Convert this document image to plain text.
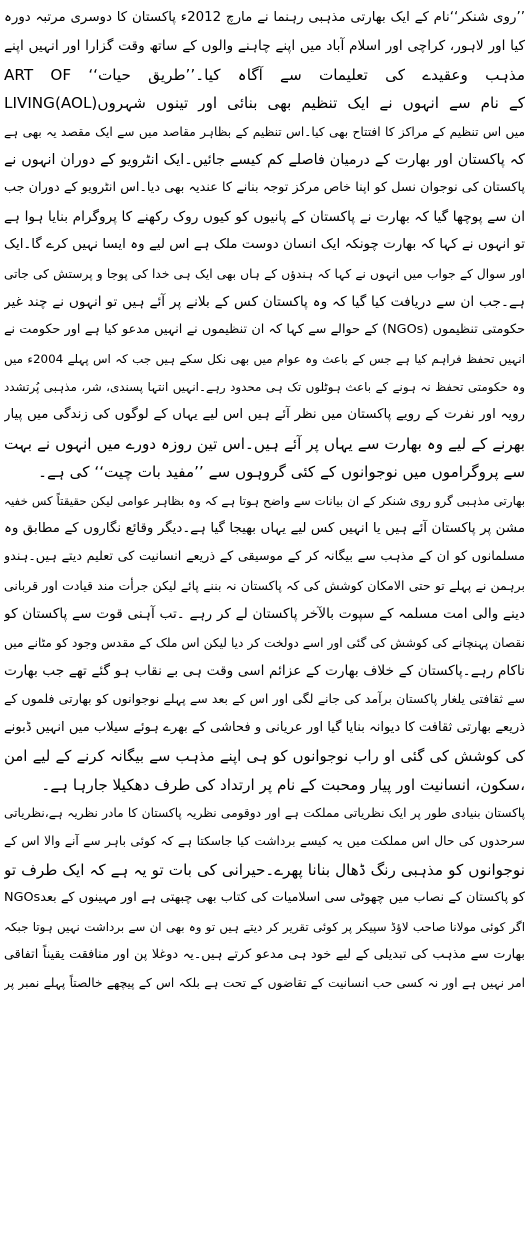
’’روی شنکر‘‘نام کے ایک بھارتی مذہبی رہنما نے مارچ 2012ء پاکستان کا دوسری مرتبہ دورہ
کیا اور لاہور، کراچی اور اسلام آباد میں اپنے چاہنے والوں کے ساتھ وقت گزارا اور انہیں اپنے
مذہب وعقیدے کی تعلیمات سے آگاہ کیا۔’’طریق حیات‘‘ ART OF
LIVING(AOL)کے نام سے انہوں نے ایک تنظیم بھی بنائی اور تینوں شہروں
میں اس تنظیم کے مراکز کا افتتاح بھی کیا۔اس تنظیم کے بظاہر مقاصد میں سے ایک مقصد یہ بھی ہے
کہ پاکستان اور بھارت کے درمیان فاصلے کم کیسے جائیں۔ایک انٹرویو کے دوران انہوں نے
پاکستان کی نوجوان نسل کو اپنا خاص مرکز توجہ بنانے کا عندیہ بھی دیا۔اس انٹرویو کے دوران جب
ان سے پوچھا گیا کہ بھارت نے پاکستان کے پانیوں کو کیوں روک رکھنے کا پروگرام بنایا ہوا ہے
تو انہوں نے کہا کہ بھارت چونکہ ایک انسان دوست ملک ہے اس لیے وہ ایسا نہیں کرے گا۔ایک
اور سوال کے جواب میں انہوں نے کہا کہ ہندؤں کے ہاں بھی ایک ہی خدا کی پوجا و پرستش کی جاتی
ہے۔جب ان سے دریافت کیا گیا کہ وہ پاکستان کس کے بلانے پر آئے ہیں تو انہوں نے چند غیر
حکومتی تنظیموں (NGOs) کے حوالے سے کہا کہ ان تنظیموں نے انہیں مدعو کیا ہے اور حکومت نے
انہیں تحفظ فراہم کیا ہے جس کے باعث وہ عوام میں بھی نکل سکے ہیں جب کہ اس پہلے 2004ء میں
وہ حکومتی تحفظ نہ ہونے کے باعث ہوٹلوں تک ہی محدود رہے۔انہیں انتہا پسندی، شر، مذہبی پُرتشدد
رویہ اور نفرت کے رویے پاکستان میں نظر آئے ہیں اس لیے یہاں کے لوگوں کی زندگی میں پیار
بھرنے کے لیے وہ بھارت سے یہاں پر آئے ہیں۔اس تین روزہ دورے میں انہوں نے بہت
سے پروگراموں میں نوجوانوں کے کئی گروہوں سے ’’مفید بات چیت‘‘ کی ہے۔
بھارتی مذہبی گرو روی شنکر کے ان بیانات سے واضح ہوتا ہے کہ وہ بظاہر عوامی لیکن حقیقتاً کس خفیہ
مشن پر پاکستان آئے ہیں یا انہیں کس لیے یہاں بھیجا گیا ہے۔دیگر وقائع نگاروں کے مطابق وہ
مسلمانوں کو ان کے مذہب سے بیگانہ کر کے موسیقی کے ذریعے انسانیت کی تعلیم دیتے ہیں۔ہندو
برہمن نے پہلے تو حتی الامکان کوشش کی کہ پاکستان نہ بننے پائے لیکن جرأت مند قیادت اور قربانی
دینے والی امت مسلمہ کے سپوت بالآخر پاکستان لے کر رہے ۔تب آہنی قوت سے پاکستان کو
نقصان پہنچانے کی کوشش کی گئی اور اسے دولخت کر دیا لیکن اس ملک کے مقدس وجود کو مٹانے میں
ناکام رہے۔پاکستان کے خلاف بھارت کے عزائم اسی وقت ہی بے نقاب ہو گئے تھے جب بھارت
سے ثقافتی یلغار پاکستان برآمد کی جانے لگی اور اس کے بعد سے پہلے نوجوانوں کو بھارتی فلموں کے
ذریعے بھارتی ثقافت کا دیوانہ بنایا گیا اور عریانی و فحاشی کے بھرے ہوئے سیلاب میں انہیں ڈبونے
کی کوشش کی گئی او راب نوجوانوں کو ہی اپنے مذہب سے بیگانہ کرنے کے لیے امن
،سکون، انسانیت اور پیار ومحبت کے نام پر ارتداد کی طرف دھکیلا جارہا ہے۔
پاکستان بنیادی طور پر ایک نظریاتی مملکت ہے اور دوقومی نظریہ پاکستان کا مادر نظریہ ہے،نظریاتی
سرحدوں کی حال اس مملکت میں یہ کیسے برداشت کیا جاسکتا ہے کہ کوئی باہر سے آنے والا اس کے
نوجوانوں کو مذہبی رنگ ڈھال بنانا پھرے۔حیرانی کی بات تو یہ ہے کہ ایک طرف تو
NGOsکو پاکستان کے نصاب میں چھوٹی سی اسلامیات کی کتاب بھی چبھتی ہے اور مہینوں کے بعد
اگر کوئی مولانا صاحب لاؤڈ سپیکر پر کوئی تقریر کر دیتے ہیں تو وہ بھی ان سے برداشت نہیں ہوتا جبکہ
بھارت سے مذہب کی تبدیلی کے لیے خود ہی مدعو کرتے ہیں۔یہ دوغلا پن اور منافقت یقیناً اتفاقی
امر نہیں ہے اور نہ کسی حب انسانیت کے تقاضوں کے تحت ہے بلکہ اس کے پیچھے خالصتاً پہلے نمبر پر
